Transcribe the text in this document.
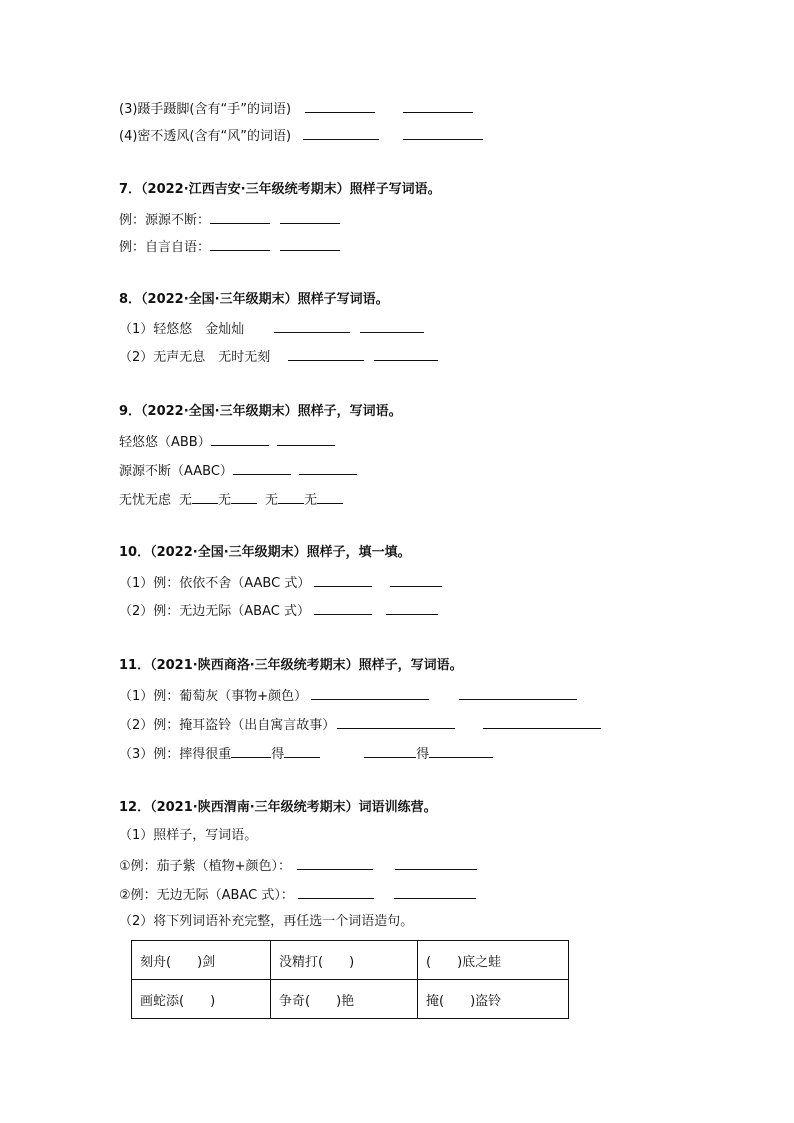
(3)蹑手蹑脚(含有“手”的词语)
(4)密不透风(含有“风”的词语)
7．（2022·江西吉安·三年级统考期末）照样子写词语。
例：源源不断：
例：自言自语：
8．（2022·全国·三年级期末）照样子写词语。
（1）轻悠悠　金灿灿
（2）无声无息　无时无刻
9．（2022·全国·三年级期末）照样子，写词语。
轻悠悠（ABB）
源源不断（AABC）
无忧无虑 无 无	无 无
10．（2022·全国·三年级期末）照样子，填一填。
（1）例：依依不舍（AABC 式）
（2）例：无边无际（ABAC 式）
11．（2021·陕西商洛·三年级统考期末）照样子，写词语。
（1）例：葡萄灰（事物+颜色）
（2）例：掩耳盗铃（出自寓言故事）
（3）例：摔得很重	得	得
12．（2021·陕西渭南·三年级统考期末）词语训练营。
（1）照样子，写词语。
①例：茄子紫（植物+颜色）：
②例：无边无际（ABAC 式）：
（2）将下列词语补充完整，再任选一个词语造句。
刻舟(　　)剑	没精打(　　)	(　　)底之蛙
画蛇添(　　)	争奇(　　)艳	掩(　　)盗铃
